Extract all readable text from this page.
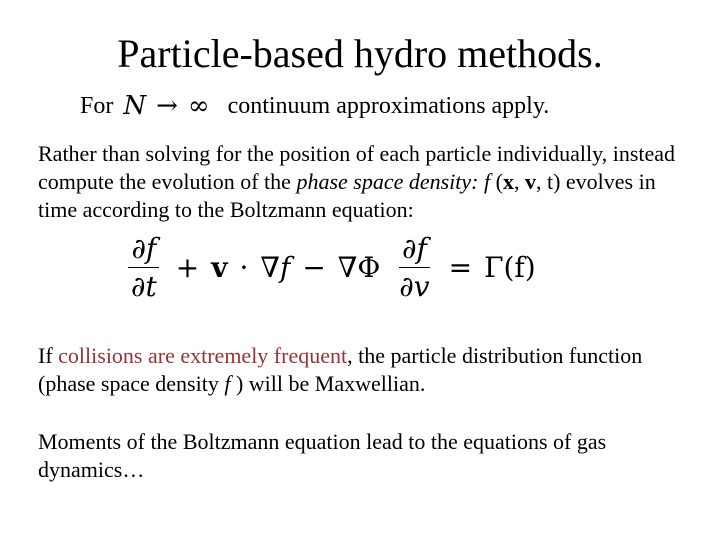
Particle-based hydro methods.
For N → ∞ continuum approximations apply.
Rather than solving for the position of each particle individually, instead compute the evolution of the phase space density: f (x, v, t) evolves in time according to the Boltzmann equation:
$\frac{\partial f}{\partial t} + v \cdot \nabla f - \nabla\Phi \frac{\partial f}{\partial v} = \Gamma(f)$
If collisions are extremely frequent, the particle distribution function (phase space density f ) will be Maxwellian.
Moments of the Boltzmann equation lead to the equations of gas dynamics…
